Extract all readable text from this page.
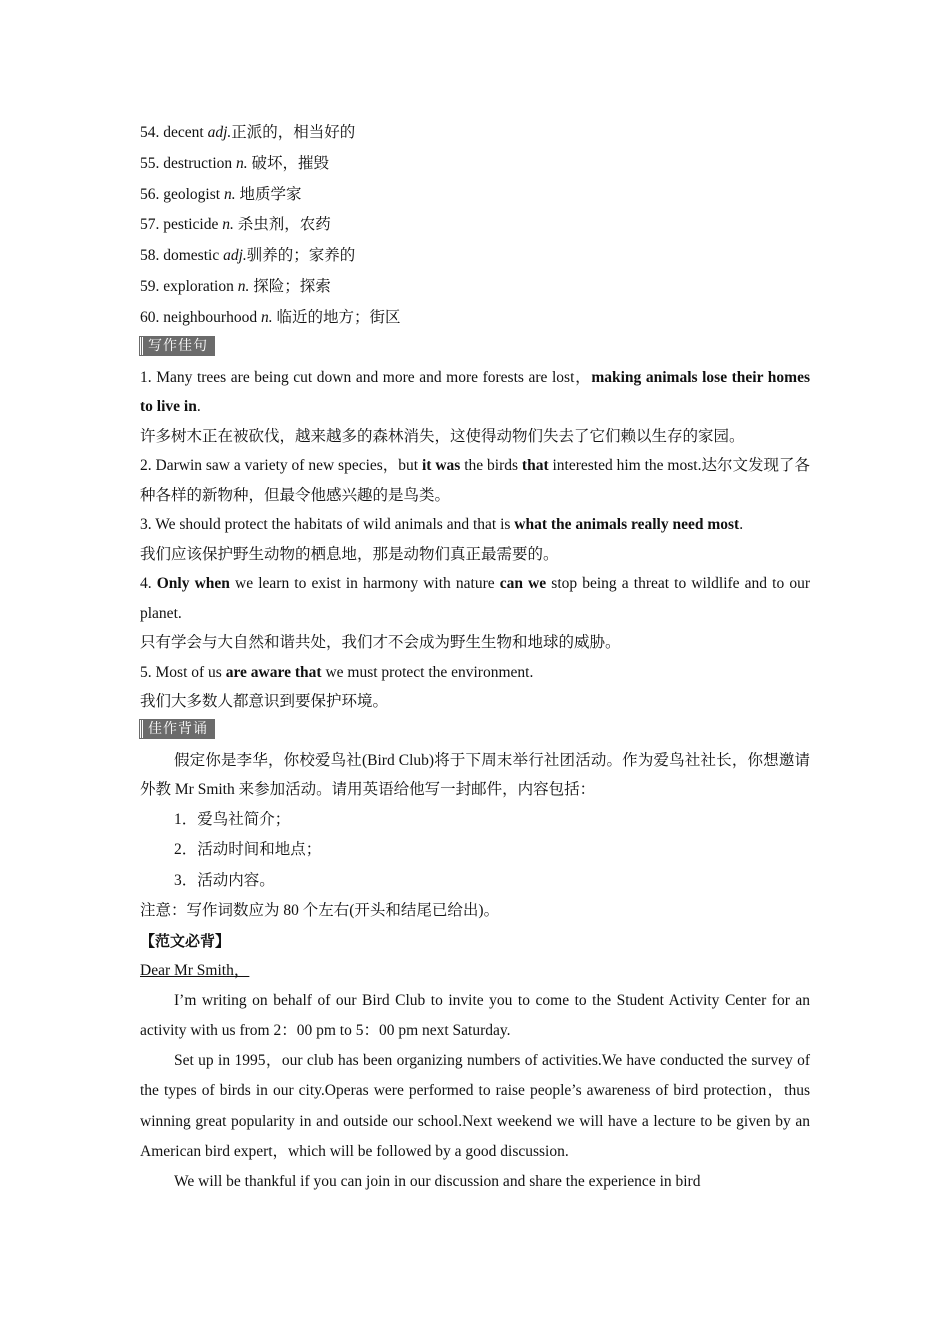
54. decent adj.正派的，相当好的
55. destruction n. 破坏，摧毁
56. geologist n. 地质学家
57. pesticide n. 杀虫剂，农药
58. domestic adj.驯养的；家养的
59. exploration n. 探险；探索
60. neighbourhood n. 临近的地方；街区
写作佳句
1. Many trees are being cut down and more and more forests are lost，making animals lose their homes to live in.
许多树木正在被砍伐，越来越多的森林消失，这使得动物们失去了它们赖以生存的家园。
2. Darwin saw a variety of new species，but it was the birds that interested him the most.达尔文发现了各种各样的新物种，但最令他感兴趣的是鸟类。
3. We should protect the habitats of wild animals and that is what the animals really need most.
我们应该保护野生动物的栖息地，那是动物们真正最需要的。
4. Only when we learn to exist in harmony with nature can we stop being a threat to wildlife and to our planet.
只有学会与大自然和谐共处，我们才不会成为野生生物和地球的威胁。
5. Most of us are aware that we must protect the environment.
我们大多数人都意识到要保护环境。
佳作背诵
假定你是李华，你校爱鸟社(Bird Club)将于下周末举行社团活动。作为爱鸟社社长，你想邀请外教 Mr Smith 来参加活动。请用英语给他写一封邮件，内容包括：
1．爱鸟社简介；
2．活动时间和地点；
3．活动内容。
注意：写作词数应为 80 个左右(开头和结尾已给出)。
【范文必背】
Dear Mr Smith，
I’m writing on behalf of our Bird Club to invite you to come to the Student Activity Center for an activity with us from 2：00 pm to 5：00 pm next Saturday.
Set up in 1995，our club has been organizing numbers of activities.We have conducted the survey of the types of birds in our city.Operas were performed to raise people’s awareness of bird protection，thus winning great popularity in and outside our school.Next weekend we will have a lecture to be given by an American bird expert，which will be followed by a good discussion.
We will be thankful if you can join in our discussion and share the experience in bird
